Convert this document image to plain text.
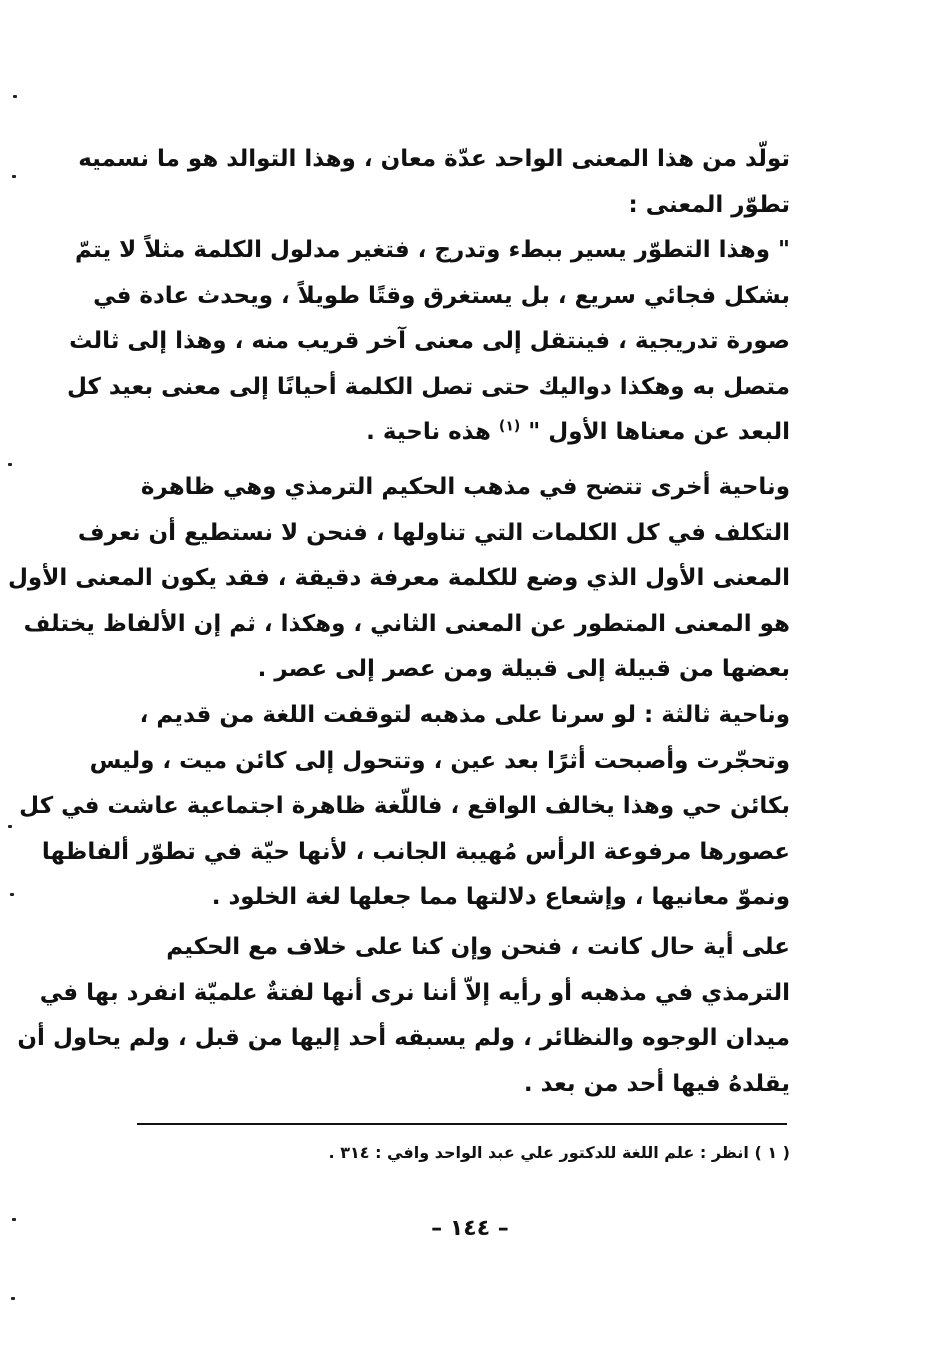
تولّد من هذا المعنى الواحد عدّة معان ، وهذا التوالد هو ما نسميه
تطوّر المعنى :
" وهذا التطوّر يسير ببطء وتدرج ، فتغير مدلول الكلمة مثلاً لا يتمّ
بشكل فجائي سريع ، بل يستغرق وقتًا طويلاً ، ويحدث عادة في
صورة تدريجية ، فينتقل إلى معنى آخر قريب منه ، وهذا إلى ثالث
متصل به وهكذا دواليك حتى تصل الكلمة أحيانًا إلى معنى بعيد كل
البعد عن معناها الأول " $^{(١)}$ هذه ناحية .
وناحية أخرى تتضح في مذهب الحكيم الترمذي وهي ظاهرة
التكلف في كل الكلمات التي تناولها ، فنحن لا نستطيع أن نعرف
المعنى الأول الذي وضع للكلمة معرفة دقيقة ، فقد يكون المعنى الأول
هو المعنى المتطور عن المعنى الثاني ، وهكذا ، ثم إن الألفاظ يختلف
بعضها من قبيلة إلى قبيلة ومن عصر إلى عصر .
وناحية ثالثة : لو سرنا على مذهبه لتوقفت اللغة من قديم ،
وتحجّرت وأصبحت أثرًا بعد عين ، وتتحول إلى كائن ميت ، وليس
بكائن حي وهذا يخالف الواقع ، فاللّغة ظاهرة اجتماعية عاشت في كل
عصورها مرفوعة الرأس مُهيبة الجانب ، لأنها حيّة في تطوّر ألفاظها
ونموّ معانيها ، وإشعاع دلالتها مما جعلها لغة الخلود .
على أية حال كانت ، فنحن وإن كنا على خلاف مع الحكيم
الترمذي في مذهبه أو رأيه إلاّ أننا نرى أنها لفتةٌ علميّة انفرد بها في
ميدان الوجوه والنظائر ، ولم يسبقه أحد إليها من قبل ، ولم يحاول أن
يقلدهُ فيها أحد من بعد .
( ١ ) انظر : علم اللغة للدكتور علي عبد الواحد وافي : ٣١٤ .
– ١٤٤ –
